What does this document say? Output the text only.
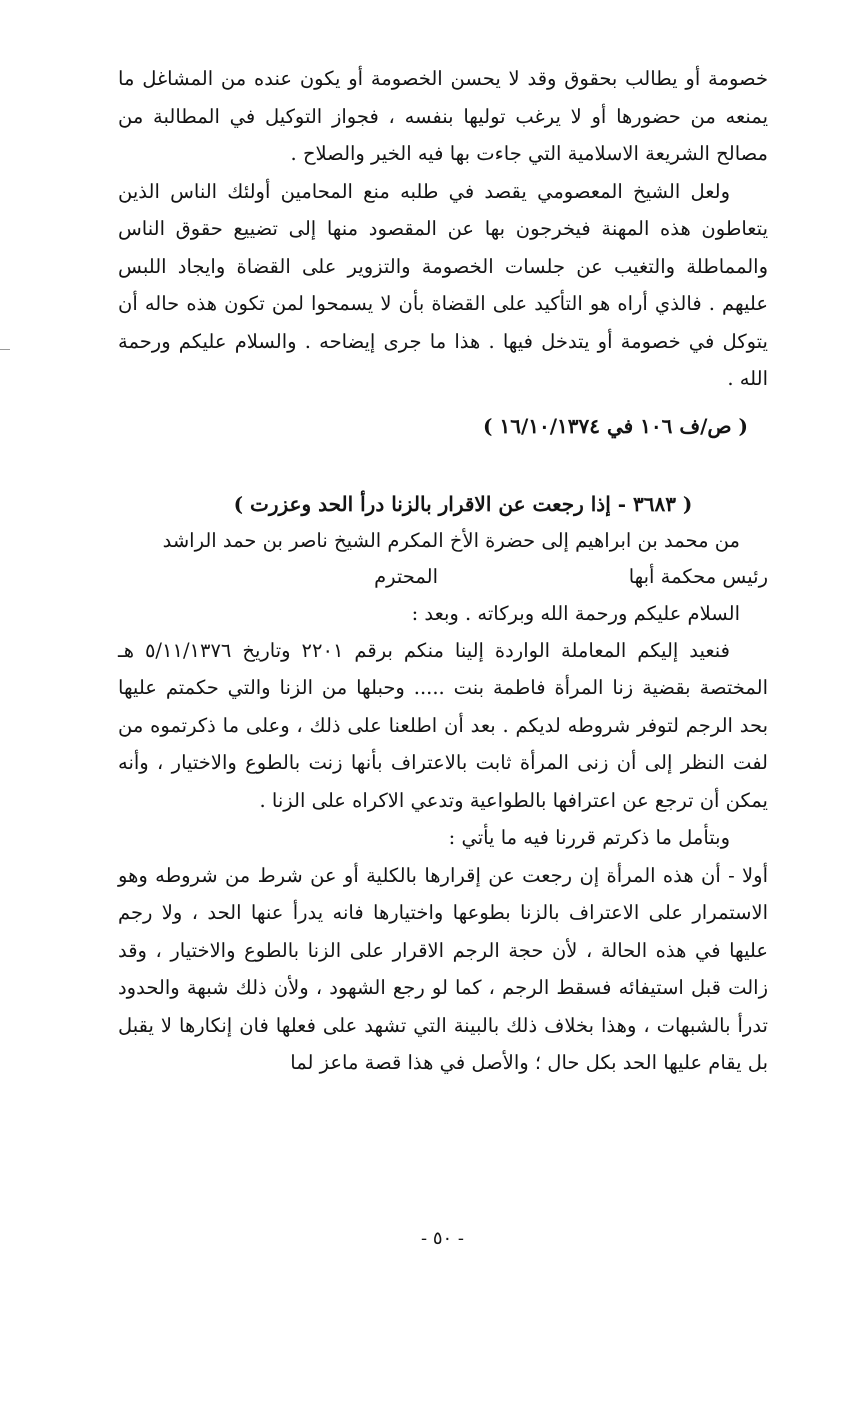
خصومة أو يطالب بحقوق وقد لا يحسن الخصومة أو يكون عنده من المشاغل ما يمنعه من حضورها أو لا يرغب توليها بنفسه ، فجواز التوكيل في المطالبة من مصالح الشريعة الاسلامية التي جاءت بها فيه الخير والصلاح .

ولعل الشيخ المعصومي يقصد في طلبه منع المحامين أولئك الناس الذين يتعاطون هذه المهنة فيخرجون بها عن المقصود منها إلى تضييع حقوق الناس والمماطلة والتغيب عن جلسات الخصومة والتزوير على القضاة وايجاد اللبس عليهم . فالذي أراه هو التأكيد على القضاة بأن لا يسمحوا لمن تكون هذه حاله أن يتوكل في خصومة أو يتدخل فيها . هذا ما جرى إيضاحه . والسلام عليكم ورحمة الله .

( ص/ف ١٠٦ في ١٦/١٠/١٣٧٤ )

( ٣٦٨٣ - إذا رجعت عن الاقرار بالزنا درأ الحد وعزرت )

من محمد بن ابراهيم إلى حضرة الأخ المكرم الشيخ ناصر بن حمد الراشد

رئيس محكمة أبها
المحترم

السلام عليكم ورحمة الله وبركاته . وبعد :

فنعيد إليكم المعاملة الواردة إلينا منكم برقم ٢٢٠١ وتاريخ ٥/١١/١٣٧٦ هـ المختصة بقضية زنا المرأة فاطمة بنت ..... وحبلها من الزنا والتي حكمتم عليها بحد الرجم لتوفر شروطه لديكم . بعد أن اطلعنا على ذلك ، وعلى ما ذكرتموه من لفت النظر إلى أن زنى المرأة ثابت بالاعتراف بأنها زنت بالطوع والاختيار ، وأنه يمكن أن ترجع عن اعترافها بالطواعية وتدعي الاكراه على الزنا .

وبتأمل ما ذكرتم قررنا فيه ما يأتي :

أولا - أن هذه المرأة إن رجعت عن إقرارها بالكلية أو عن شرط من شروطه وهو الاستمرار على الاعتراف بالزنا بطوعها واختيارها فانه يدرأ عنها الحد ، ولا رجم عليها في هذه الحالة ، لأن حجة الرجم الاقرار على الزنا بالطوع والاختيار ، وقد زالت قبل استيفائه فسقط الرجم ، كما لو رجع الشهود ، ولأن ذلك شبهة والحدود تدرأ بالشبهات ، وهذا بخلاف ذلك بالبينة التي تشهد على فعلها فان إنكارها لا يقبل بل يقام عليها الحد بكل حال ؛ والأصل في هذا قصة ماعز لما

- ٥٠ -
